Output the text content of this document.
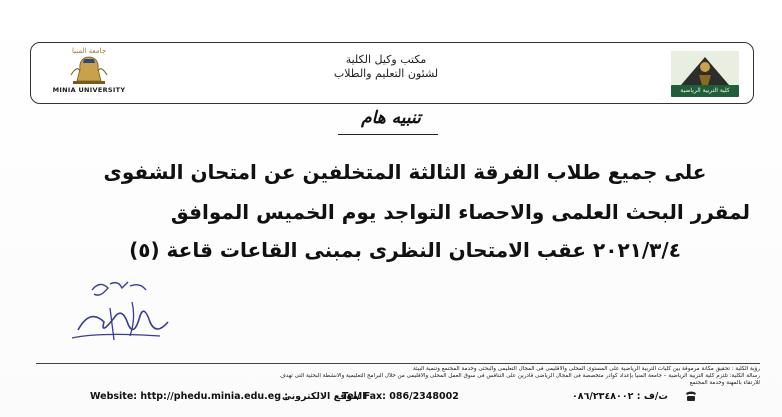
جامعة المنيا
MINIA UNIVERSITY
مكتب وكيل الكلية
لشئون التعليم والطلاب
كلية التربية الرياضية
تنبيه هام
على جميع طلاب الفرقة الثالثة المتخلفين عن امتحان الشفوى
لمقرر البحث العلمى والاحصاء التواجد يوم الخميس الموافق
٢٠٢١/٣/٤ عقب الامتحان النظرى بمبنى القاعات قاعة (٥)
رؤية الكلية : تحقيق مكانة مرموقة بين كليات التربية الرياضية على المستوى المحلى والاقليمى فى المجال التعليمى والبحثى وخدمة المجتمع وتنمية البيئة
رسالة الكلية: تلتزم كلية التربية الرياضية – جامعة المنيا بإعداد كوادر متخصصة فى المجال الرياضى قادرين على التنافس فى سوق العمل المحلى والاقليمى من خلال البرامج التعليمية والانشطة البحثية التى تهدف
للارتقاء بالمهنة وخدمة المجتمع
Website: http://phedu.minia.edu.eg :
الموقع الالكترونى
Tel/ Fax: 086/2348002	ت/ف : ٠٨٦/٢٣٤٨٠٠٢
